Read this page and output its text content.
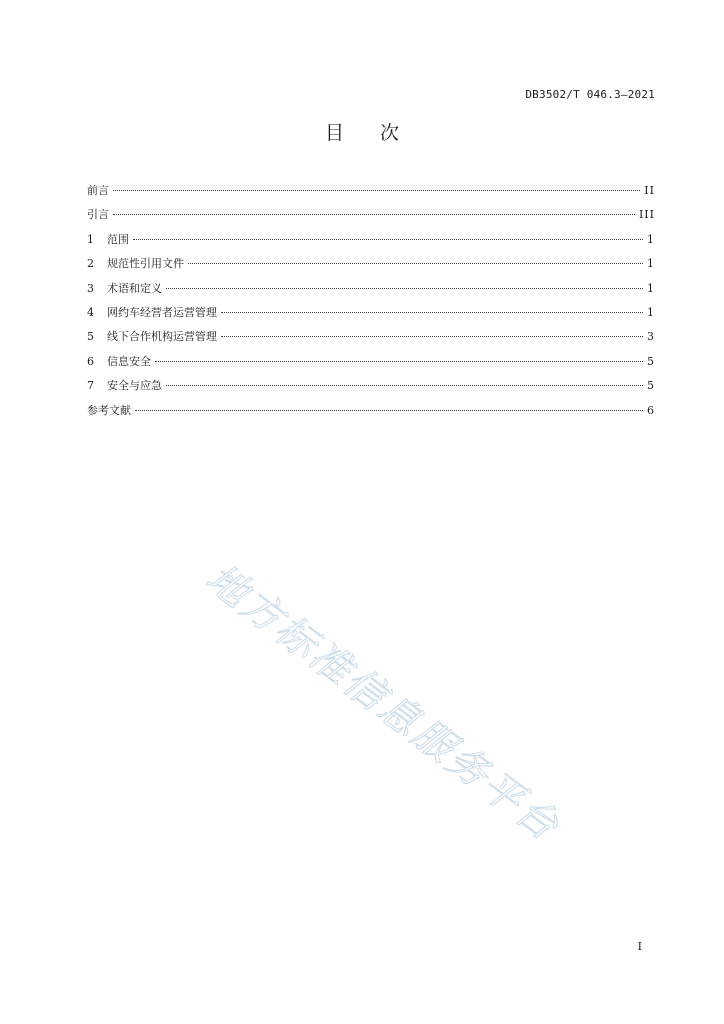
DB3502/T 046.3—2021
目次
前言	II
引言	III
1	范围	1
2	规范性引用文件	1
3	术语和定义	1
4	网约车经营者运营管理	1
5	线下合作机构运营管理	3
6	信息安全	5
7	安全与应急	5
参考文献	6
地方标准信息服务平台
I
